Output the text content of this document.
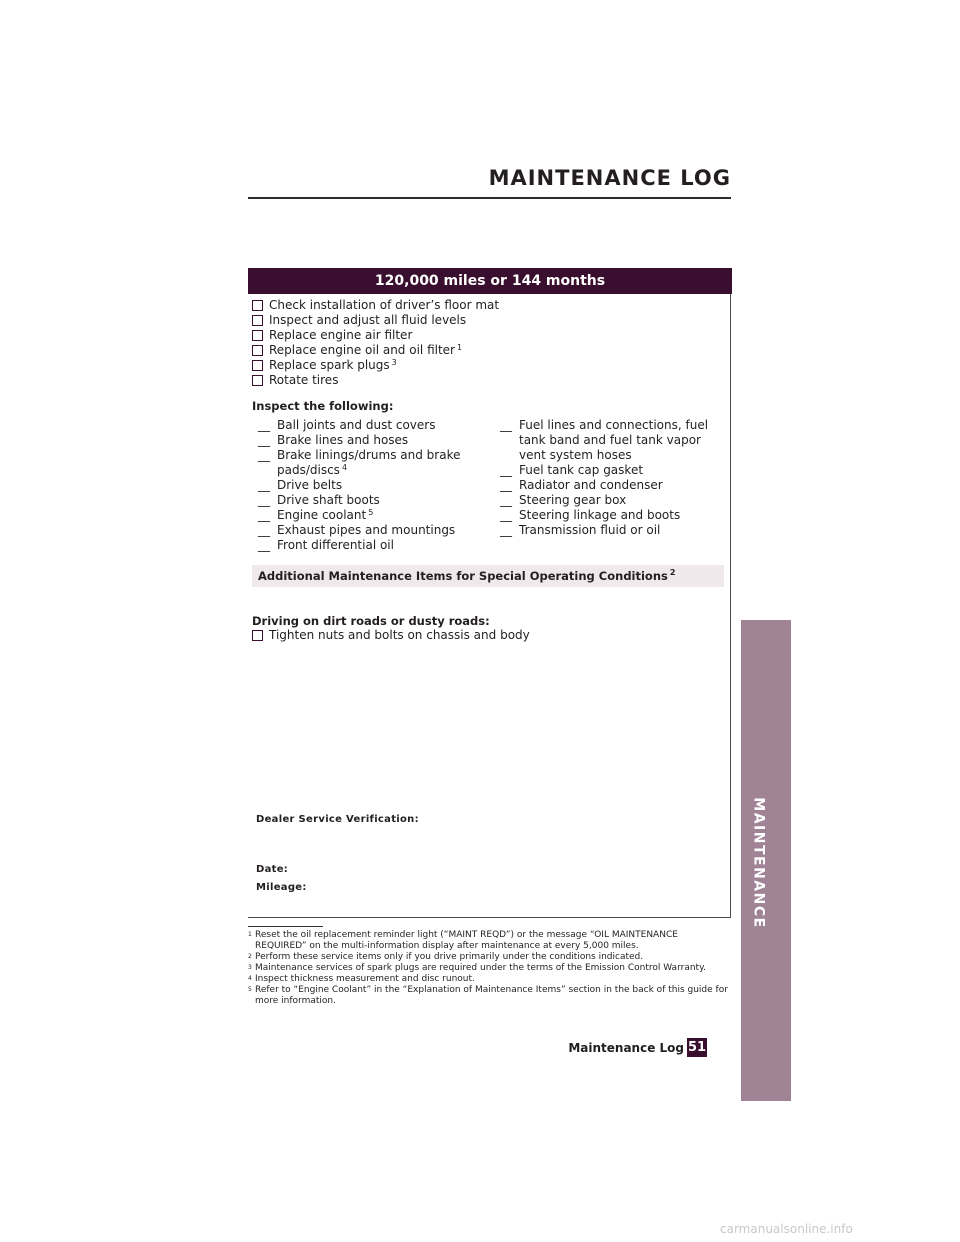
MAINTENANCE LOG
120,000 miles or 144 months
Check installation of driver’s floor mat
Inspect and adjust all fluid levels
Replace engine air filter
Replace engine oil and oil filter $^1$
Replace spark plugs $^3$
Rotate tires
Inspect the following:
__ Ball joints and dust covers
__ Brake lines and hoses
__ Brake linings/drums and brake pads/discs $^4$
__ Drive belts
__ Drive shaft boots
__ Engine coolant $^5$
__ Exhaust pipes and mountings
__ Front differential oil
__ Fuel lines and connections, fuel tank band and fuel tank vapor vent system hoses
__ Fuel tank cap gasket
__ Radiator and condenser
__ Steering gear box
__ Steering linkage and boots
__ Transmission fluid or oil
Additional Maintenance Items for Special Operating Conditions $^2$
Driving on dirt roads or dusty roads:
Tighten nuts and bolts on chassis and body
Dealer Service Verification:
Date:
Mileage:
1 Reset the oil replacement reminder light (“MAINT REQD”) or the message “OIL MAINTENANCE REQUIRED” on the multi-information display after maintenance at every 5,000 miles.
2 Perform these service items only if you drive primarily under the conditions indicated.
3 Maintenance services of spark plugs are required under the terms of the Emission Control Warranty.
4 Inspect thickness measurement and disc runout.
5 Refer to “Engine Coolant” in the “Explanation of Maintenance Items” section in the back of this guide for more information.
MAINTENANCE
Maintenance Log 51
carmanualsonline.info
